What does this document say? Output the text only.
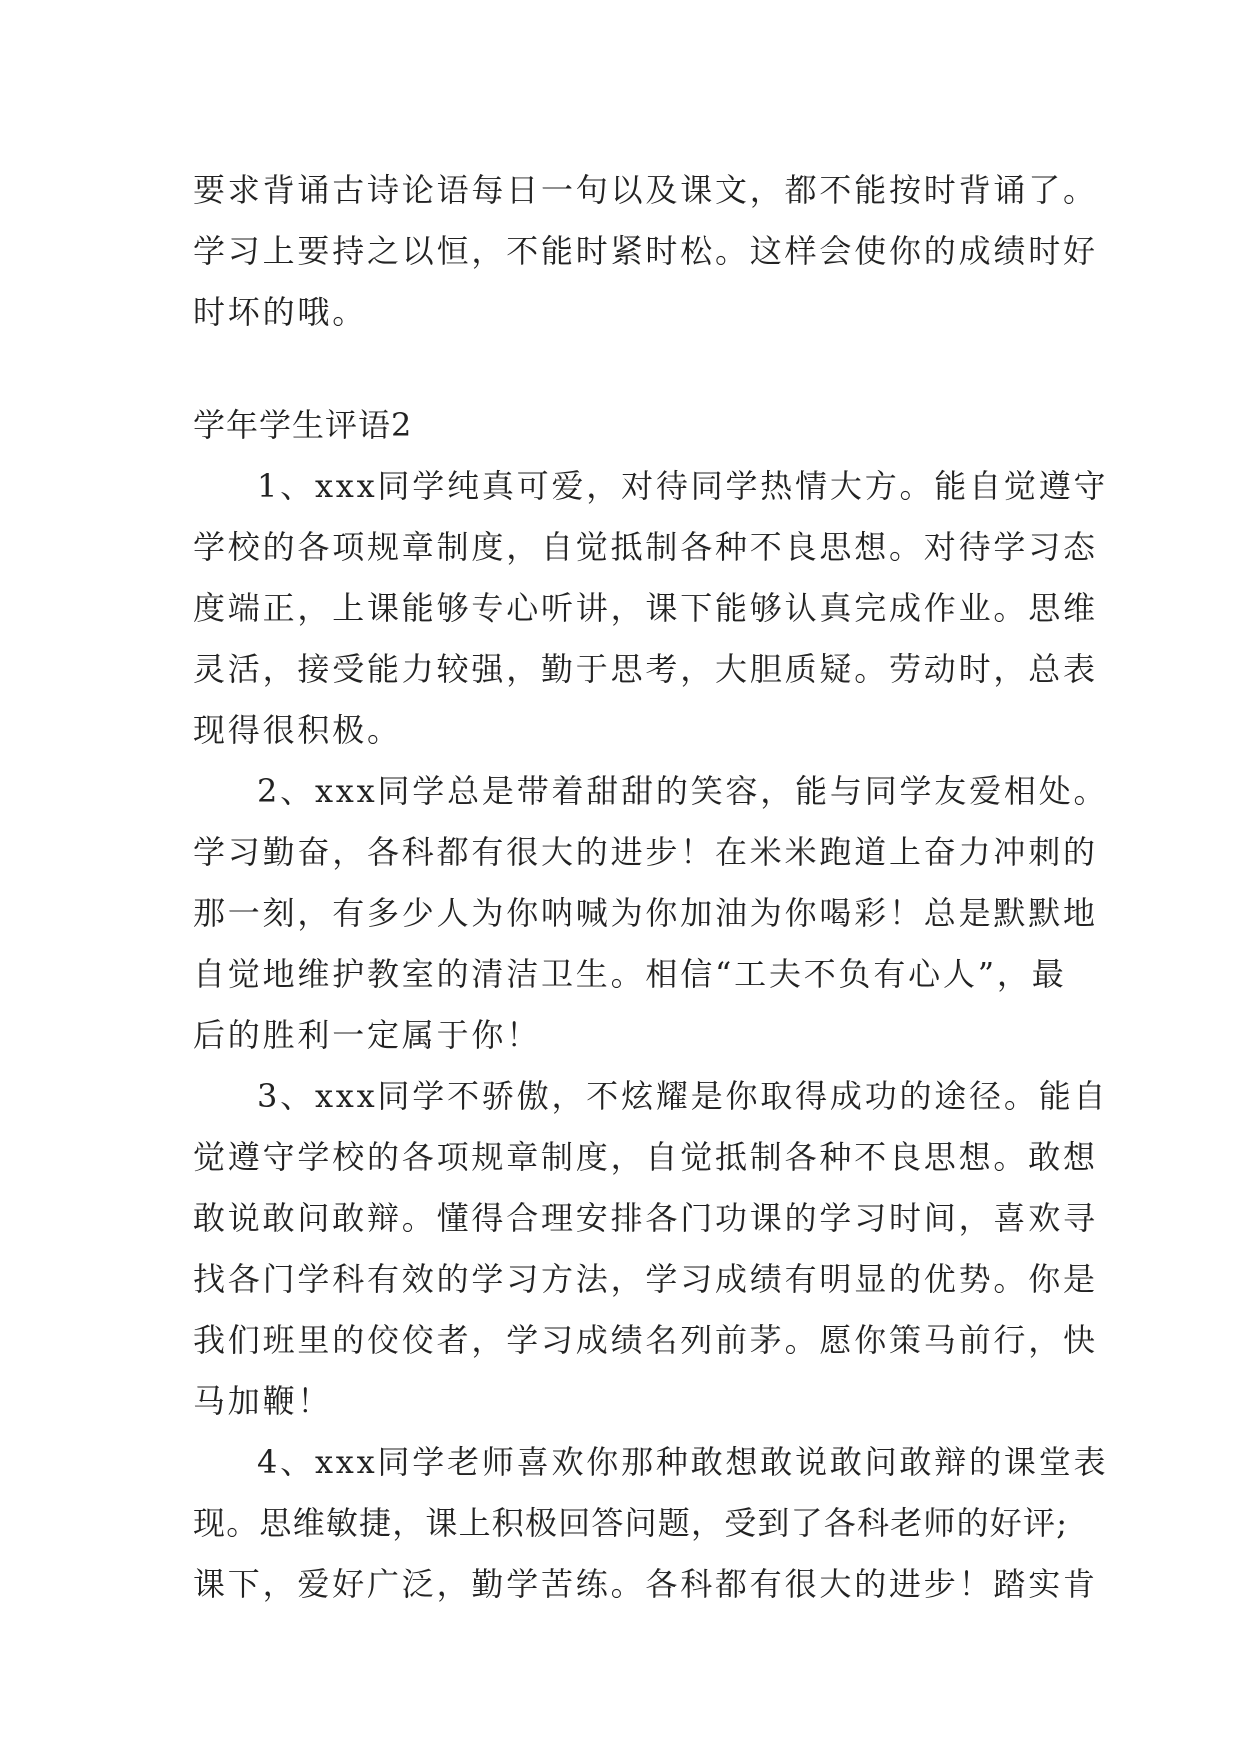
要求背诵古诗论语每日一句以及课文，都不能按时背诵了。
学习上要持之以恒，不能时紧时松。这样会使你的成绩时好
时坏的哦。
学年学生评语2
1、xxx同学纯真可爱，对待同学热情大方。能自觉遵守
学校的各项规章制度，自觉抵制各种不良思想。对待学习态
度端正，上课能够专心听讲，课下能够认真完成作业。思维
灵活，接受能力较强，勤于思考，大胆质疑。劳动时，总表
现得很积极。
2、xxx同学总是带着甜甜的笑容，能与同学友爱相处。
学习勤奋，各科都有很大的进步！在米米跑道上奋力冲刺的
那一刻，有多少人为你呐喊为你加油为你喝彩！总是默默地
自觉地维护教室的清洁卫生。相信“工夫不负有心人”，最
后的胜利一定属于你！
3、xxx同学不骄傲，不炫耀是你取得成功的途径。能自
觉遵守学校的各项规章制度，自觉抵制各种不良思想。敢想
敢说敢问敢辩。懂得合理安排各门功课的学习时间，喜欢寻
找各门学科有效的学习方法，学习成绩有明显的优势。你是
我们班里的佼佼者，学习成绩名列前茅。愿你策马前行，快
马加鞭！
4、xxx同学老师喜欢你那种敢想敢说敢问敢辩的课堂表
现。思维敏捷，课上积极回答问题，受到了各科老师的好评;
课下，爱好广泛，勤学苦练。各科都有很大的进步！踏实肯
